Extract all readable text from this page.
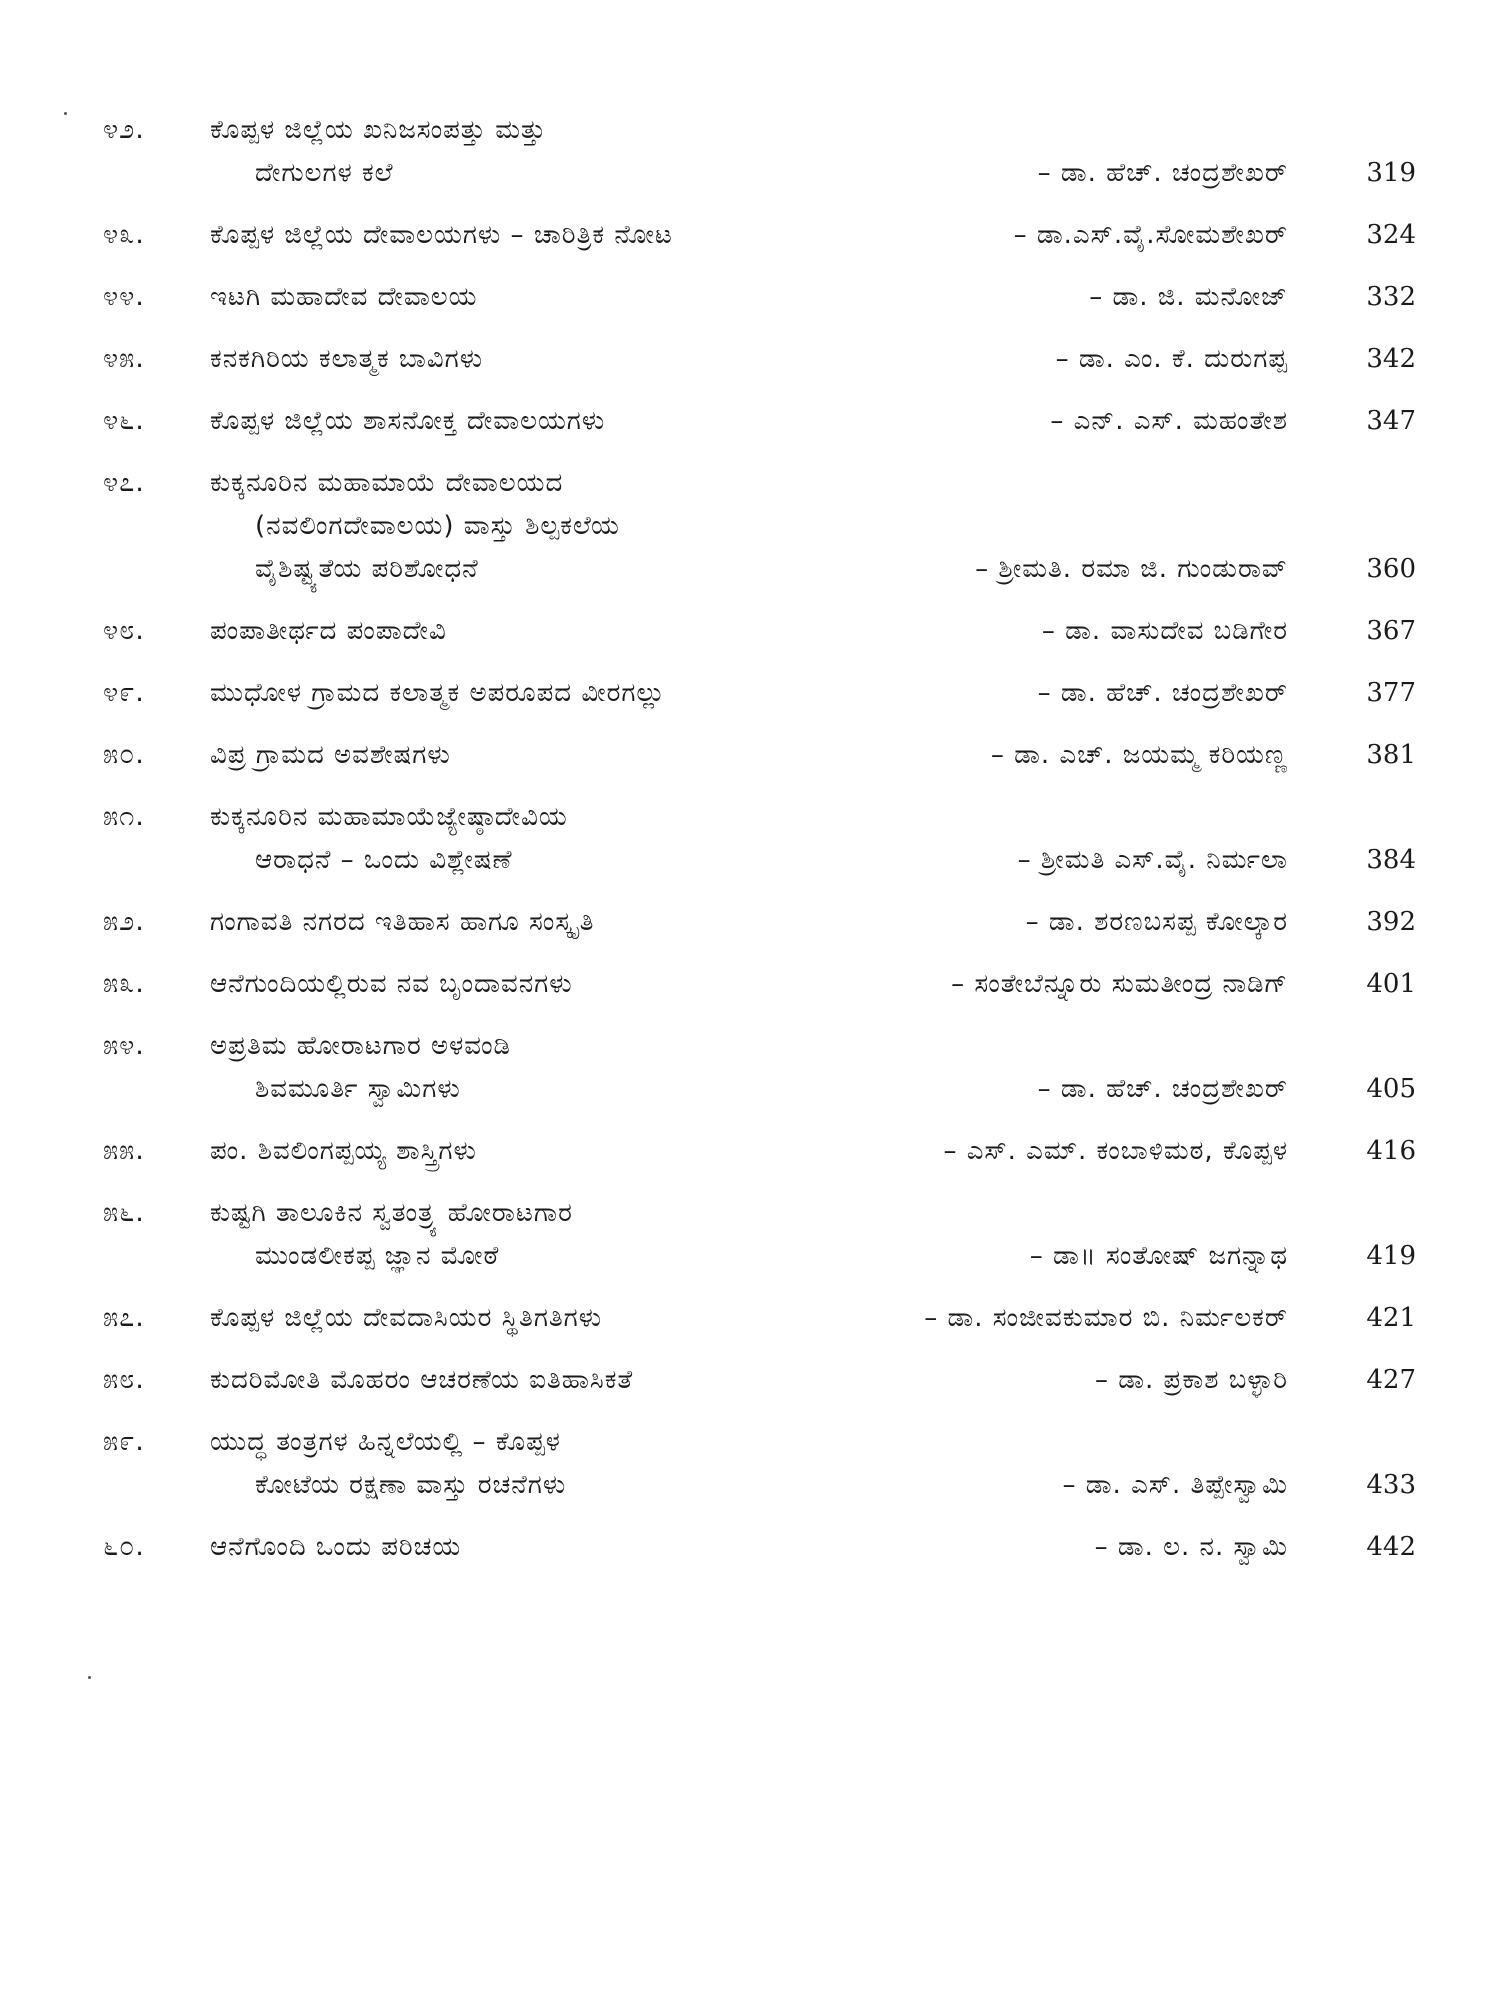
೪೨.	ಕೊಪ್ಪಳ ಜಿಲ್ಲೆಯ ಖನಿಜಸಂಪತ್ತು ಮತ್ತು
ದೇಗುಲಗಳ ಕಲೆ	– ಡಾ. ಹೆಚ್. ಚಂದ್ರಶೇಖರ್	319
೪೩.	ಕೊಪ್ಪಳ ಜಿಲ್ಲೆಯ ದೇವಾಲಯಗಳು – ಚಾರಿತ್ರಿಕ ನೋಟ	– ಡಾ.ಎಸ್.ವೈ.ಸೋಮಶೇಖರ್	324
೪೪.	ಇಟಗಿ ಮಹಾದೇವ ದೇವಾಲಯ	– ಡಾ. ಜಿ. ಮನೋಜ್	332
೪೫.	ಕನಕಗಿರಿಯ ಕಲಾತ್ಮಕ ಬಾವಿಗಳು	– ಡಾ. ಎಂ. ಕೆ. ದುರುಗಪ್ಪ	342
೪೬.	ಕೊಪ್ಪಳ ಜಿಲ್ಲೆಯ ಶಾಸನೋಕ್ತ ದೇವಾಲಯಗಳು	– ಎನ್. ಎಸ್. ಮಹಂತೇಶ	347
೪೭.	ಕುಕ್ಕನೂರಿನ ಮಹಾಮಾಯೆ ದೇವಾಲಯದ
(ನವಲಿಂಗದೇವಾಲಯ) ವಾಸ್ತು ಶಿಲ್ಪಕಲೆಯ
ವೈಶಿಷ್ಟ್ಯತೆಯ ಪರಿಶೋಧನೆ	– ಶ್ರೀಮತಿ. ರಮಾ ಜಿ. ಗುಂಡುರಾವ್	360
೪೮.	ಪಂಪಾತೀರ್ಥದ ಪಂಪಾದೇವಿ	– ಡಾ. ವಾಸುದೇವ ಬಡಿಗೇರ	367
೪೯.	ಮುಧೋಳ ಗ್ರಾಮದ ಕಲಾತ್ಮಕ ಅಪರೂಪದ ವೀರಗಲ್ಲು	– ಡಾ. ಹೆಚ್. ಚಂದ್ರಶೇಖರ್	377
೫೦.	ವಿಪ್ರ ಗ್ರಾಮದ ಅವಶೇಷಗಳು	– ಡಾ. ಎಚ್. ಜಯಮ್ಮ ಕರಿಯಣ್ಣ	381
೫೧.	ಕುಕ್ಕನೂರಿನ ಮಹಾಮಾಯೆಜ್ಯೇಷ್ಠಾದೇವಿಯ
ಆರಾಧನೆ – ಒಂದು ವಿಶ್ಲೇಷಣೆ	– ಶ್ರೀಮತಿ ಎಸ್.ವೈ. ನಿರ್ಮಲಾ	384
೫೨.	ಗಂಗಾವತಿ ನಗರದ ಇತಿಹಾಸ ಹಾಗೂ ಸಂಸ್ಕೃತಿ	– ಡಾ. ಶರಣಬಸಪ್ಪ ಕೋಲ್ಕಾರ	392
೫೩.	ಆನೆಗುಂದಿಯಲ್ಲಿರುವ ನವ ಬೃಂದಾವನಗಳು	– ಸಂತೇಬೆನ್ನೂರು ಸುಮತೀಂದ್ರ ನಾಡಿಗ್	401
೫೪.	ಅಪ್ರತಿಮ ಹೋರಾಟಗಾರ ಅಳವಂಡಿ
ಶಿವಮೂರ್ತಿ ಸ್ವಾಮಿಗಳು	– ಡಾ. ಹೆಚ್. ಚಂದ್ರಶೇಖರ್	405
೫೫.	ಪಂ. ಶಿವಲಿಂಗಪ್ಪಯ್ಯ ಶಾಸ್ತ್ರಿಗಳು	– ಎಸ್. ಎಮ್. ಕಂಬಾಳಿಮಠ, ಕೊಪ್ಪಳ	416
೫೬.	ಕುಷ್ಟಗಿ ತಾಲೂಕಿನ ಸ್ವತಂತ್ರ್ಯ ಹೋರಾಟಗಾರ
ಮುಂಡಲೀಕಪ್ಪ ಜ್ಞಾನ ಮೋಠೆ	– ಡಾ॥ ಸಂತೋಷ್ ಜಗನ್ನಾಥ	419
೫೭.	ಕೊಪ್ಪಳ ಜಿಲ್ಲೆಯ ದೇವದಾಸಿಯರ ಸ್ಥಿತಿಗತಿಗಳು	– ಡಾ. ಸಂಜೀವಕುಮಾರ ಬಿ. ನಿರ್ಮಲಕರ್	421
೫೮.	ಕುದರಿಮೋತಿ ಮೊಹರಂ ಆಚರಣೆಯ ಐತಿಹಾಸಿಕತೆ	– ಡಾ. ಪ್ರಕಾಶ ಬಳ್ಳಾರಿ	427
೫೯.	ಯುದ್ಧ ತಂತ್ರಗಳ ಹಿನ್ನಲೆಯಲ್ಲಿ – ಕೊಪ್ಪಳ
ಕೋಟೆಯ ರಕ್ಷಣಾ ವಾಸ್ತು ರಚನೆಗಳು	– ಡಾ. ಎಸ್. ತಿಪ್ಪೇಸ್ವಾಮಿ	433
೬೦.	ಆನೆಗೊಂದಿ ಒಂದು ಪರಿಚಯ	– ಡಾ. ಲ. ನ. ಸ್ವಾಮಿ	442
